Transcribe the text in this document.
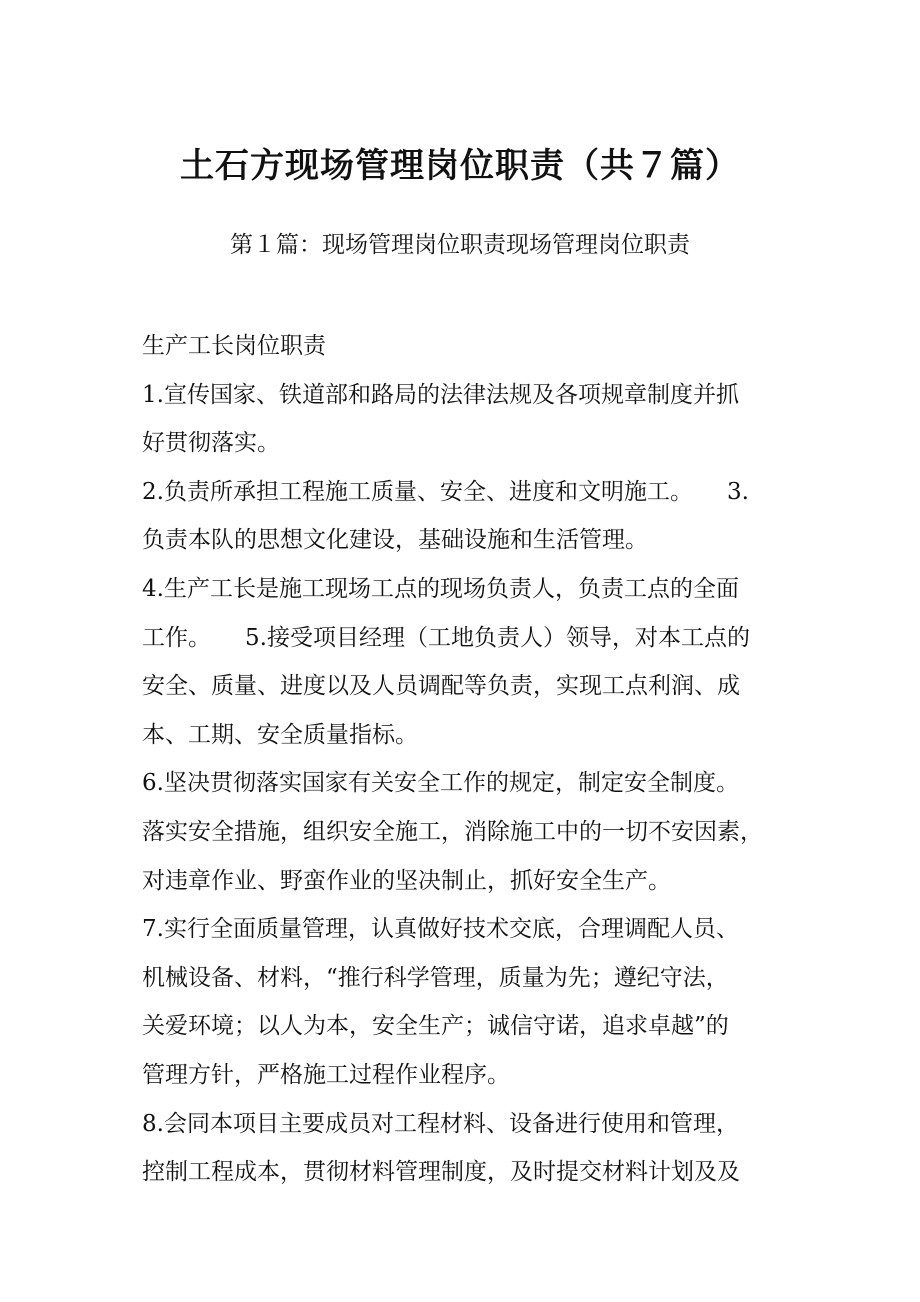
土石方现场管理岗位职责（共７篇）
第１篇：现场管理岗位职责现场管理岗位职责
生产工长岗位职责
1.宣传国家、铁道部和路局的法律法规及各项规章制度并抓
好贯彻落实。
2.负责所承担工程施工质量、安全、进度和文明施工。 3.
负责本队的思想文化建设，基础设施和生活管理。
4.生产工长是施工现场工点的现场负责人，负责工点的全面
工作。 5.接受项目经理（工地负责人）领导，对本工点的
安全、质量、进度以及人员调配等负责，实现工点利润、成
本、工期、安全质量指标。
6.坚决贯彻落实国家有关安全工作的规定，制定安全制度。
落实安全措施，组织安全施工，消除施工中的一切不安因素，
对违章作业、野蛮作业的坚决制止，抓好安全生产。
7.实行全面质量管理，认真做好技术交底，合理调配人员、
机械设备、材料，“推行科学管理，质量为先；遵纪守法，
关爱环境；以人为本，安全生产；诚信守诺，追求卓越”的
管理方针，严格施工过程作业程序。
8.会同本项目主要成员对工程材料、设备进行使用和管理，
控制工程成本，贯彻材料管理制度，及时提交材料计划及及
